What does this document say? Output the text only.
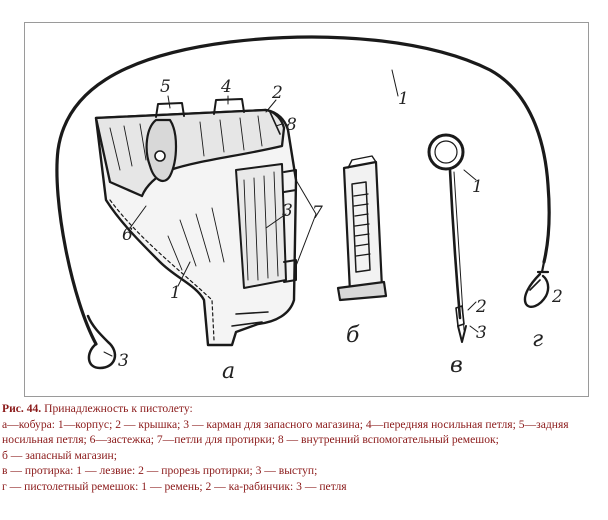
5	4 2
8
3 7
6
1
а
б
1
2
3
в
1
2
3
г

Рис. 44. Принадлежность к пистолету:

а—кобура: 1—корпус; 2 — крышка; 3 — карман для запасного магазина; 4—передняя носильная петля; 5—задняя носильная петля; 6—застежка; 7—петли для протирки; 8 — внутренний вспомогательный ремешок;

б — запасный магазин;

в — протирка: 1 — лезвие: 2 — прорезь протирки; 3 — выступ;

г — пистолетный ремешок: 1 — ремень; 2 — ка-рабинчик: 3 — петля
